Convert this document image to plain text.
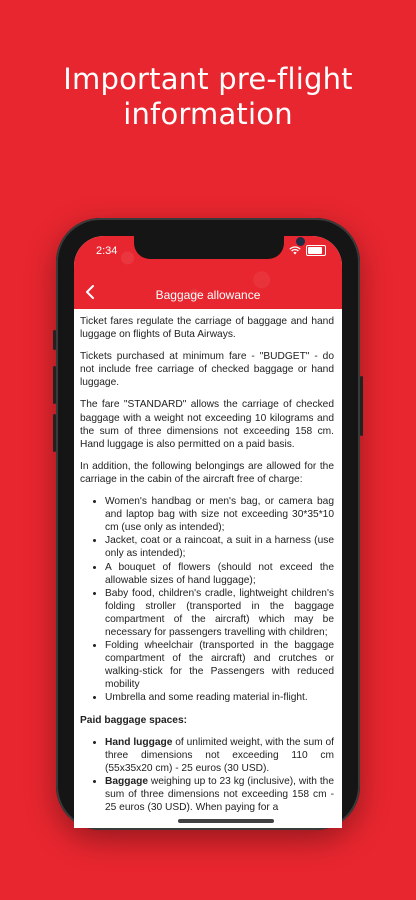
Important pre-flight
information
2:34
Baggage allowance

Ticket fares regulate the carriage of baggage and hand luggage on flights of Buta Airways.

Tickets purchased at minimum fare - "BUDGET" - do not include free carriage of checked baggage or hand luggage.

The fare "STANDARD" allows the carriage of checked baggage with a weight not exceeding 10 kilograms and the sum of three dimensions not exceeding 158 cm. Hand luggage is also permitted on a paid basis.

In addition, the following belongings are allowed for the carriage in the cabin of the aircraft free of charge:

• Women's handbag or men's bag, or camera bag and laptop bag with size not exceeding 30*35*10 cm (use only as intended);
• Jacket, coat or a raincoat, a suit in a harness (use only as intended);
• A bouquet of flowers (should not exceed the allowable sizes of hand luggage);
• Baby food, children's cradle, lightweight children's folding stroller (transported in the baggage compartment of the aircraft) which may be necessary for passengers travelling with children;
• Folding wheelchair (transported in the baggage compartment of the aircraft) and crutches or walking-stick for the Passengers with reduced mobility
• Umbrella and some reading material in-flight.

Paid baggage spaces:

• Hand luggage of unlimited weight, with the sum of three dimensions not exceeding 110 cm (55x35x20 cm) - 25 euros (30 USD).
• Baggage weighing up to 23 kg (inclusive), with the sum of three dimensions not exceeding 158 cm - 25 euros (30 USD). When paying for a
